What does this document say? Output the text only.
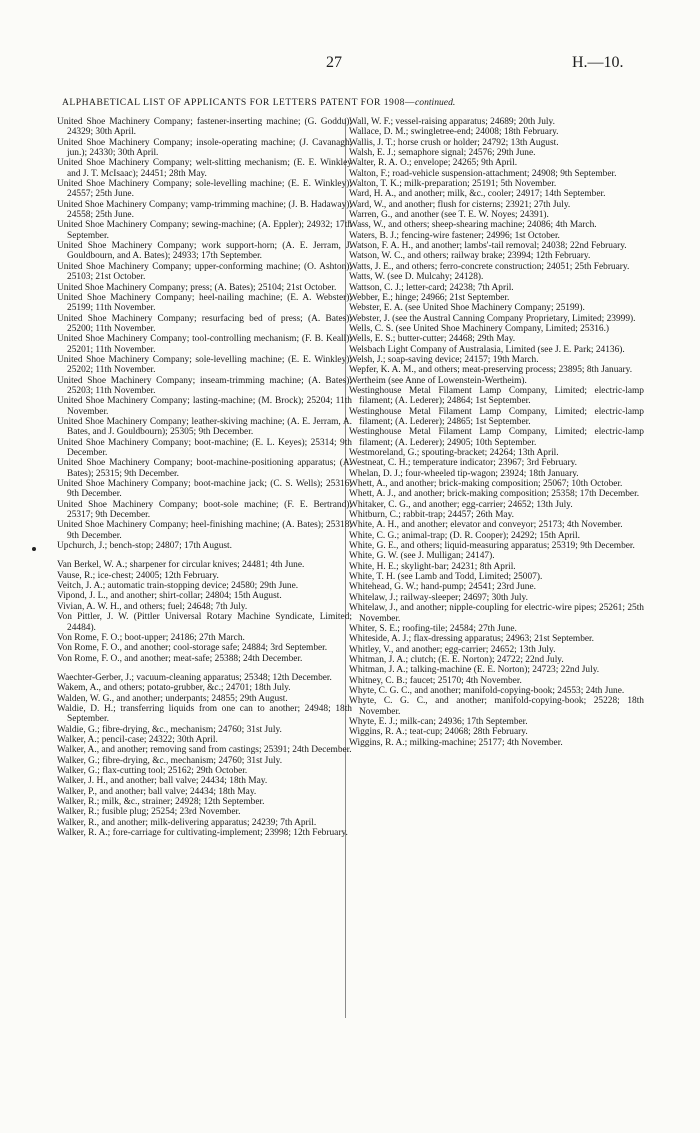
27	H.—10.
ALPHABETICAL LIST OF APPLICANTS FOR LETTERS PATENT FOR 1908—continued.
United Shoe Machinery Company; fastener-inserting machine; (G. Goddu); 24329; 30th April.
United Shoe Machinery Company; insole-operating machine; (J. Cavanagh, jun.); 24330; 30th April.
United Shoe Machinery Company; welt-slitting mechanism; (E. E. Winkley and J. T. McIsaac); 24451; 28th May.
United Shoe Machinery Company; sole-levelling machine; (E. E. Winkley); 24557; 25th June.
United Shoe Machinery Company; vamp-trimming machine; (J. B. Hadaway); 24558; 25th June.
United Shoe Machinery Company; sewing-machine; (A. Eppler); 24932; 17th September.
United Shoe Machinery Company; work support-horn; (A. E. Jerram, J. Gouldbourn, and A. Bates); 24933; 17th September.
United Shoe Machinery Company; upper-conforming machine; (O. Ashton); 25103; 21st October.
United Shoe Machinery Company; press; (A. Bates); 25104; 21st October.
United Shoe Machinery Company; heel-nailing machine; (E. A. Webster); 25199; 11th November.
United Shoe Machinery Company; resurfacing bed of press; (A. Bates); 25200; 11th November.
United Shoe Machinery Company; tool-controlling mechanism; (F. B. Keall); 25201; 11th November.
United Shoe Machinery Company; sole-levelling machine; (E. E. Winkley); 25202; 11th November.
United Shoe Machinery Company; inseam-trimming machine; (A. Bates); 25203; 11th November.
United Shoe Machinery Company; lasting-machine; (M. Brock); 25204; 11th November.
United Shoe Machinery Company; leather-skiving machine; (A. E. Jerram, A. Bates, and J. Gouldbourn); 25305; 9th December.
United Shoe Machinery Company; boot-machine; (E. L. Keyes); 25314; 9th December.
United Shoe Machinery Company; boot-machine-positioning apparatus; (A. Bates); 25315; 9th December.
United Shoe Machinery Company; boot-machine jack; (C. S. Wells); 25316; 9th December.
United Shoe Machinery Company; boot-sole machine; (F. E. Bertrand); 25317; 9th December.
United Shoe Machinery Company; heel-finishing machine; (A. Bates); 25318; 9th December.
Upchurch, J.; bench-stop; 24807; 17th August.
Van Berkel, W. A.; sharpener for circular knives; 24481; 4th June.
Vause, R.; ice-chest; 24005; 12th February.
Veitch, J. A.; automatic train-stopping device; 24580; 29th June.
Vipond, J. L., and another; shirt-collar; 24804; 15th August.
Vivian, A. W. H., and others; fuel; 24648; 7th July.
Von Pittler, J. W. (Pittler Universal Rotary Machine Syndicate, Limited; 24484).
Von Rome, F. O.; boot-upper; 24186; 27th March.
Von Rome, F. O., and another; cool-storage safe; 24884; 3rd September.
Von Rome, F. O., and another; meat-safe; 25388; 24th December.
Waechter-Gerber, J.; vacuum-cleaning apparatus; 25348; 12th December.
Wakem, A., and others; potato-grubber, &c.; 24701; 18th July.
Walden, W. G., and another; underpants; 24855; 29th August.
Waldie, D. H.; transferring liquids from one can to another; 24948; 18th September.
Waldie, G.; fibre-drying, &c., mechanism; 24760; 31st July.
Walker, A.; pencil-case; 24322; 30th April.
Walker, A., and another; removing sand from castings; 25391; 24th December.
Walker, G.; fibre-drying, &c., mechanism; 24760; 31st July.
Walker, G.; flax-cutting tool; 25162; 29th October.
Walker, J. H., and another; ball valve; 24434; 18th May.
Walker, P., and another; ball valve; 24434; 18th May.
Walker, R.; milk, &c., strainer; 24928; 12th September.
Walker, R.; fusible plug; 25254; 23rd November.
Walker, R., and another; milk-delivering apparatus; 24239; 7th April.
Walker, R. A.; fore-carriage for cultivating-implement; 23998; 12th February.
Wall, W. F.; vessel-raising apparatus; 24689; 20th July.
Wallace, D. M.; swingletree-end; 24008; 18th February.
Wallis, J. T.; horse crush or holder; 24792; 13th August.
Walsh, E. J.; semaphore signal; 24576; 29th June.
Walter, R. A. O.; envelope; 24265; 9th April.
Walton, F.; road-vehicle suspension-attachment; 24908; 9th September.
Walton, T. K.; milk-preparation; 25191; 5th November.
Ward, H. A., and another; milk, &c., cooler; 24917; 14th September.
Ward, W., and another; flush for cisterns; 23921; 27th July.
Warren, G., and another (see T. E. W. Noyes; 24391).
Wass, W., and others; sheep-shearing machine; 24086; 4th March.
Waters, B. J.; fencing-wire fastener; 24996; 1st October.
Watson, F. A. H., and another; lambs'-tail removal; 24038; 22nd February.
Watson, W. C., and others; railway brake; 23994; 12th February.
Watts, J. E., and others; ferro-concrete construction; 24051; 25th February.
Watts, W. (see D. Mulcahy; 24128).
Wattson, C. J.; letter-card; 24238; 7th April.
Webber, E.; hinge; 24966; 21st September.
Webster, E. A. (see United Shoe Machinery Company; 25199).
Webster, J. (see the Austral Canning Company Proprietary, Limited; 23999).
Wells, C. S. (see United Shoe Machinery Company, Limited; 25316.)
Wells, E. S.; butter-cutter; 24468; 29th May.
Welsbach Light Company of Australasia, Limited (see J. E. Park; 24136).
Welsh, J.; soap-saving device; 24157; 19th March.
Wepfer, K. A. M., and others; meat-preserving process; 23895; 8th January.
Wertheim (see Anne of Lowenstein-Wertheim).
Westinghouse Metal Filament Lamp Company, Limited; electric-lamp filament; (A. Lederer); 24864; 1st September.
Westinghouse Metal Filament Lamp Company, Limited; electric-lamp filament; (A. Lederer); 24865; 1st September.
Westinghouse Metal Filament Lamp Company, Limited; electric-lamp filament; (A. Lederer); 24905; 10th September.
Westmoreland, G.; spouting-bracket; 24264; 13th April.
Westneat, C. H.; temperature indicator; 23967; 3rd February.
Whelan, D. J.; four-wheeled tip-wagon; 23924; 18th January.
Whett, A., and another; brick-making composition; 25067; 10th October.
Whett, A. J., and another; brick-making composition; 25358; 17th December.
Whitaker, C. G., and another; egg-carrier; 24652; 13th July.
Whitburn, C.; rabbit-trap; 24457; 26th May.
White, A. H., and another; elevator and conveyor; 25173; 4th November.
White, C. G.; animal-trap; (D. R. Cooper); 24292; 15th April.
White, G. E., and others; liquid-measuring apparatus; 25319; 9th December.
White, G. W. (see J. Mulligan; 24147).
White, H. E.; skylight-bar; 24231; 8th April.
White, T. H. (see Lamb and Todd, Limited; 25007).
Whitehead, G. W.; hand-pump; 24541; 23rd June.
Whitelaw, J.; railway-sleeper; 24697; 30th July.
Whitelaw, J., and another; nipple-coupling for electric-wire pipes; 25261; 25th November.
Whiter, S. E.; roofing-tile; 24584; 27th June.
Whiteside, A. J.; flax-dressing apparatus; 24963; 21st September.
Whitley, V., and another; egg-carrier; 24652; 13th July.
Whitman, J. A.; clutch; (E. E. Norton); 24722; 22nd July.
Whitman, J. A.; talking-machine (E. E. Norton); 24723; 22nd July.
Whitney, C. B.; faucet; 25170; 4th November.
Whyte, C. G. C., and another; manifold-copying-book; 24553; 24th June.
Whyte, C. G. C., and another; manifold-copying-book; 25228; 18th November.
Whyte, E. J.; milk-can; 24936; 17th September.
Wiggins, R. A.; teat-cup; 24068; 28th February.
Wiggins, R. A.; milking-machine; 25177; 4th November.
